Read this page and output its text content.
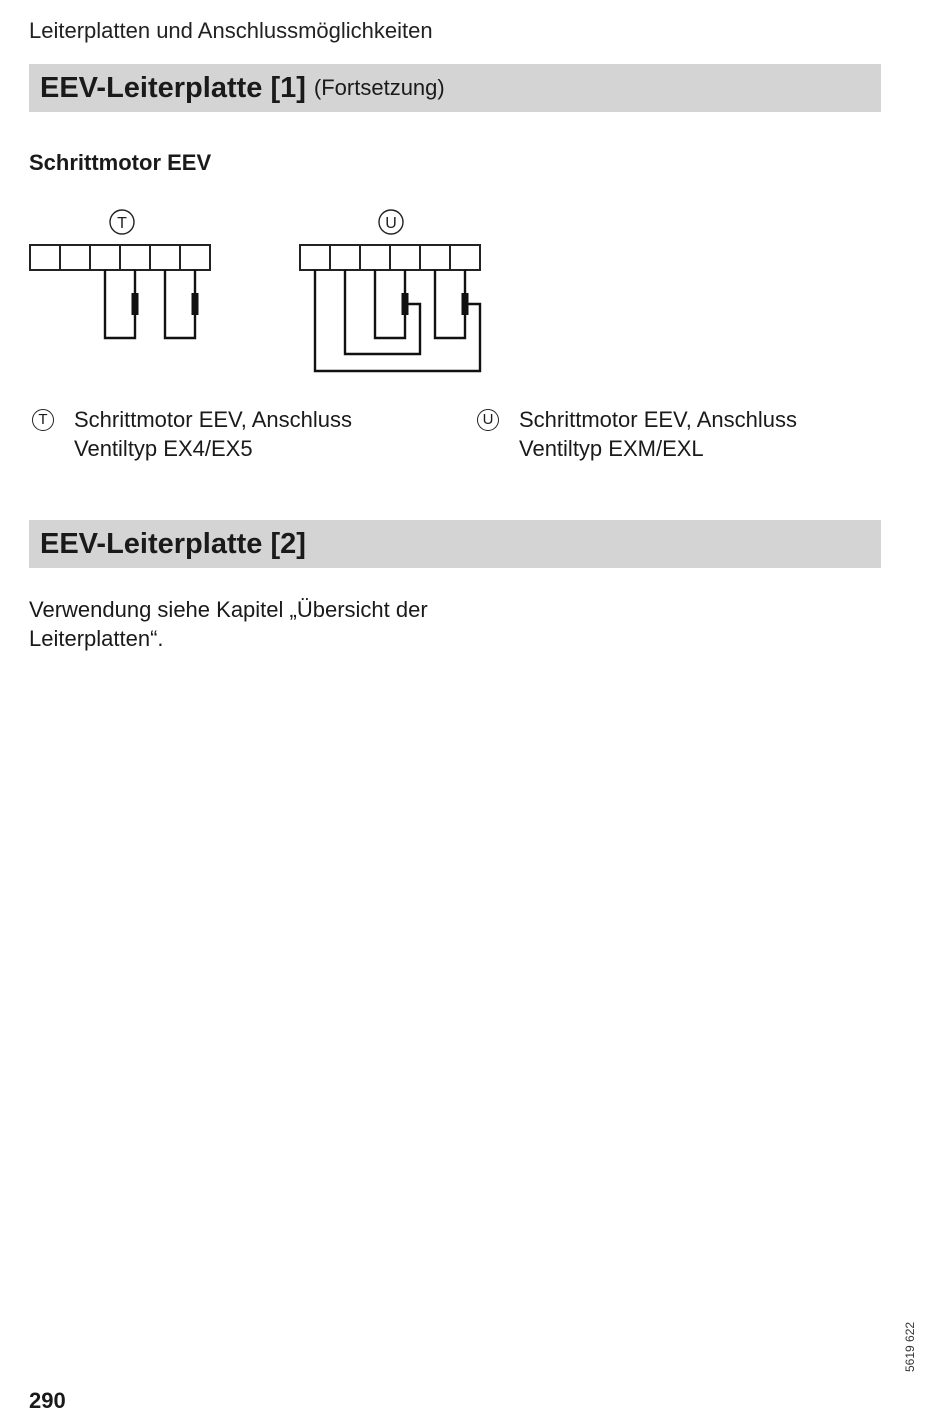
Leiterplatten und Anschlussmöglichkeiten
EEV-Leiterplatte [1] (Fortsetzung)
Schrittmotor EEV
T	U
T Schrittmotor EEV, Anschluss Ventiltyp EX4/EX5
U Schrittmotor EEV, Anschluss Ventiltyp EXM/EXL
EEV-Leiterplatte [2]
Verwendung siehe Kapitel „Übersicht der Leiterplatten“.
5619 622
290
